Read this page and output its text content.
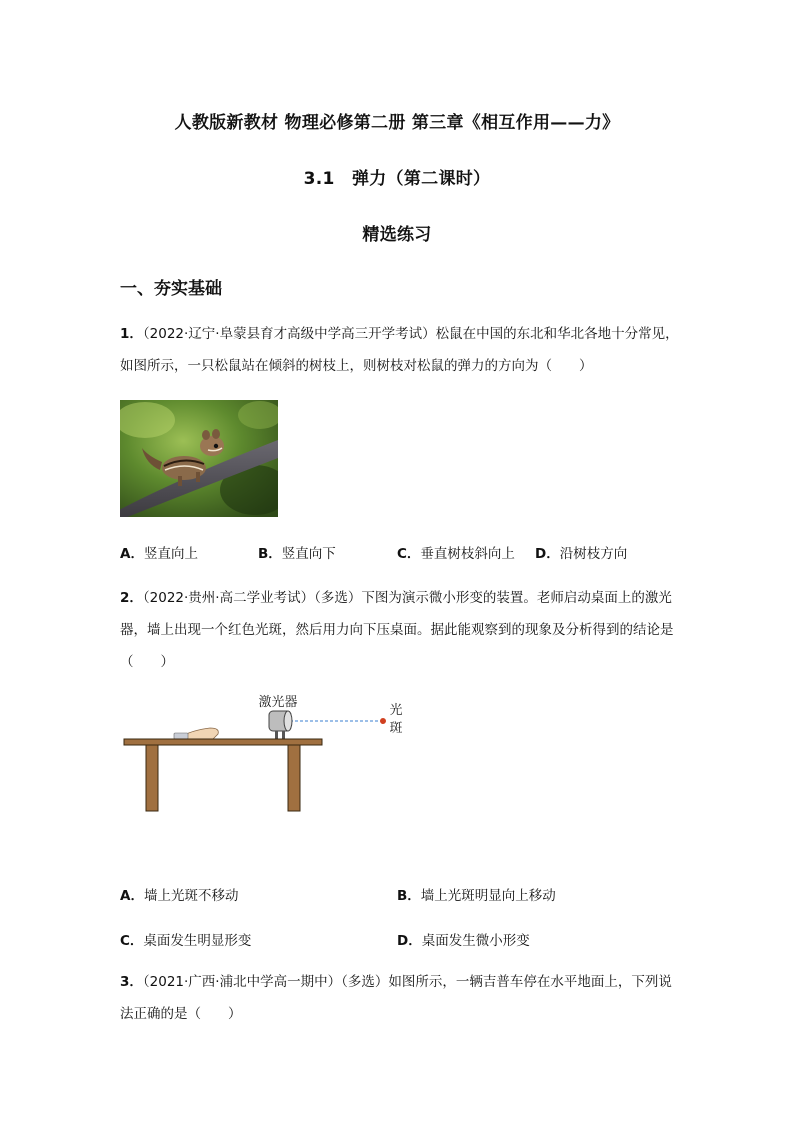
人教版新教材 物理必修第二册 第三章《相互作用——力》
3.1　弹力（第二课时）
精选练习
一、夯实基础
1．（2022·辽宁·阜蒙县育才高级中学高三开学考试）松鼠在中国的东北和华北各地十分常见，如图所示，一只松鼠站在倾斜的树枝上，则树枝对松鼠的弹力的方向为（　　）
A．竖直向上	B．竖直向下	C．垂直树枝斜向上 D．沿树枝方向
2．（2022·贵州·高二学业考试）（多选）下图为演示微小形变的装置。老师启动桌面上的激光器，墙上出现一个红色光斑，然后用力向下压桌面。据此能观察到的现象及分析得到的结论是（　　）
激光器
光
斑
A．墙上光斑不移动	B．墙上光斑明显向上移动
C．桌面发生明显形变	D．桌面发生微小形变
3．（2021·广西·浦北中学高一期中）（多选）如图所示，一辆吉普车停在水平地面上，下列说法正确的是（　　）
